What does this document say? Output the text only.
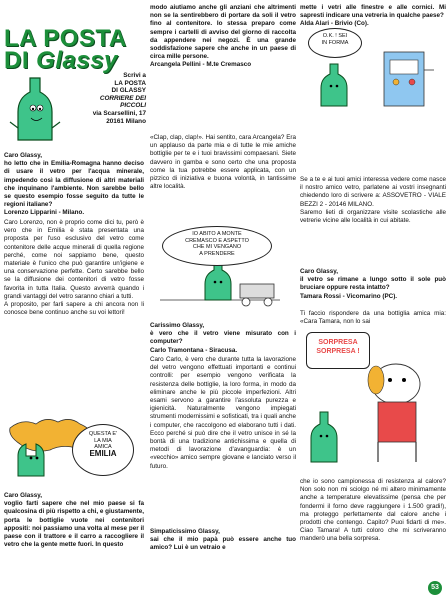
LA POSTA
DI Glassy
Scrivi a
LA POSTA
DI GLASSY
CORRIERE DEI
PICCOLI
via Scarsellini, 17
20161 Milano
Caro Glassy,
ho letto che in Emilia-Romagna hanno deciso di usare il vetro per l'acqua minerale, impedendo così la diffusione di altri materiali che inquinano l'ambiente. Non sarebbe bello se questo esempio fosse seguito da tutte le regioni italiane?
Lorenzo Lipparini - Milano.
Caro Lorenzo, non è proprio come dici tu, però è vero che in Emilia è stata presentata una proposta per l'uso esclusivo del vetro come contenitore delle acque minerali di quella regione perché, come noi sappiamo bene, questo materiale è l'unico che può garantire un'igiene e una conservazione perfette. Certo sarebbe bello se la diffusione dei contenitori di vetro fosse favorita in tutta Italia. Questo avverrà quando i grandi vantaggi del vetro saranno chiari a tutti.
A proposito, per farli sapere a chi ancora non li conosce bene continuo anche su voi lettori!
QUESTA E'
LA MIA
AMICA
EMILIA
Caro Glassy,
voglio farti sapere che nel mio paese si fa qualcosina di più rispetto a chi, e giustamente, porta le bottiglie vuote nei contenitori appositi: noi passiamo una volta al mese per il paese con il trattore e il carro a raccogliere il vetro che la gente mette fuori. In questo
modo aiutiamo anche gli anziani che altrimenti non se la sentirebbero di portare da soli il vetro fino al contenitore. Io stessa preparo come sempre i cartelli di avviso del giorno di raccolta da appendere nei negozi. È una grande soddisfazione sapere che anche in un paese di circa mille persone.
Arcangela Pellini - M.te Cremasco
«Clap, clap, clap!». Hai sentito, cara Arcangela? Era un applauso da parte mia e di tutte le mie amiche bottiglie per te e i tuoi bravissimi compaesani. Siete davvero in gamba e sono certo che una proposta come la tua potrebbe essere applicata, con un pizzico di iniziativa e buona volontà, in tantissime altre località.
IO ABITO A MONTE
CREMASCO E ASPETTO
CHE MI VENGANO
A PRENDERE
Carissimo Glassy,
è vero che il vetro viene misurato con i computer?
Carlo Tramontana - Siracusa.
Caro Carlo, è vero che durante tutta la lavorazione del vetro vengono effettuati importanti e continui controlli: per esempio vengono verificata la resistenza delle bottiglie, la loro forma, in modo da eliminare anche le più piccole imperfezioni. Altri esami servono a garantire l'assoluta purezza e igienicità. Naturalmente vengono impiegati strumenti modernissimi e sofisticati, tra i quali anche i computer, che raccolgono ed elaborano tutti i dati. Ecco perché si può dire che il vetro unisce in sé la bontà di una tradizione antichissima e quella di metodi di lavorazione d'avanguardia: è un «vecchio» amico sempre giovane e lanciato verso il futuro.
Simpaticissimo Glassy,
sai che il mio papà può essere anche tuo amico? Lui è un vetraio e
O.K. ! SEI
IN FORMA
mette i vetri alle finestre e alle cornici. Mi sapresti indicare una vetreria in qualche paese?
Alda Alari - Brivio (Co).
Se a te e ai tuoi amici interessa vedere come nasce il nostro amico vetro, parlatene ai vostri insegnanti chiedendo loro di scrivere a: ASSOVETRO - VIALE BEZZI 2 - 20146 MILANO.
Saremo lieti di organizzare visite scolastiche alle vetrerie vicine alle località in cui abitate.
Caro Glassy,
il vetro se rimane a lungo sotto il sole può bruciare oppure resta intatto?
Tamara Rossi - Vicomarino (PC).
Ti faccio rispondere da una bottiglia amica mia: «Cara Tamara, non lo sai
SORPRESA
SORPRESA !
che io sono campionessa di resistenza al calore? Non solo non mi sciolgo né mi altero minimamente anche a temperature elevatissime (pensa che per fondermi il forno deve raggiungere i 1.500 gradi!), ma proteggo perfettamente dal calore anche i prodotti che contengo. Capito? Puoi fidarti di me». Ciao Tamara! A tutti coloro che mi scriveranno manderò una bella sorpresa.
53
